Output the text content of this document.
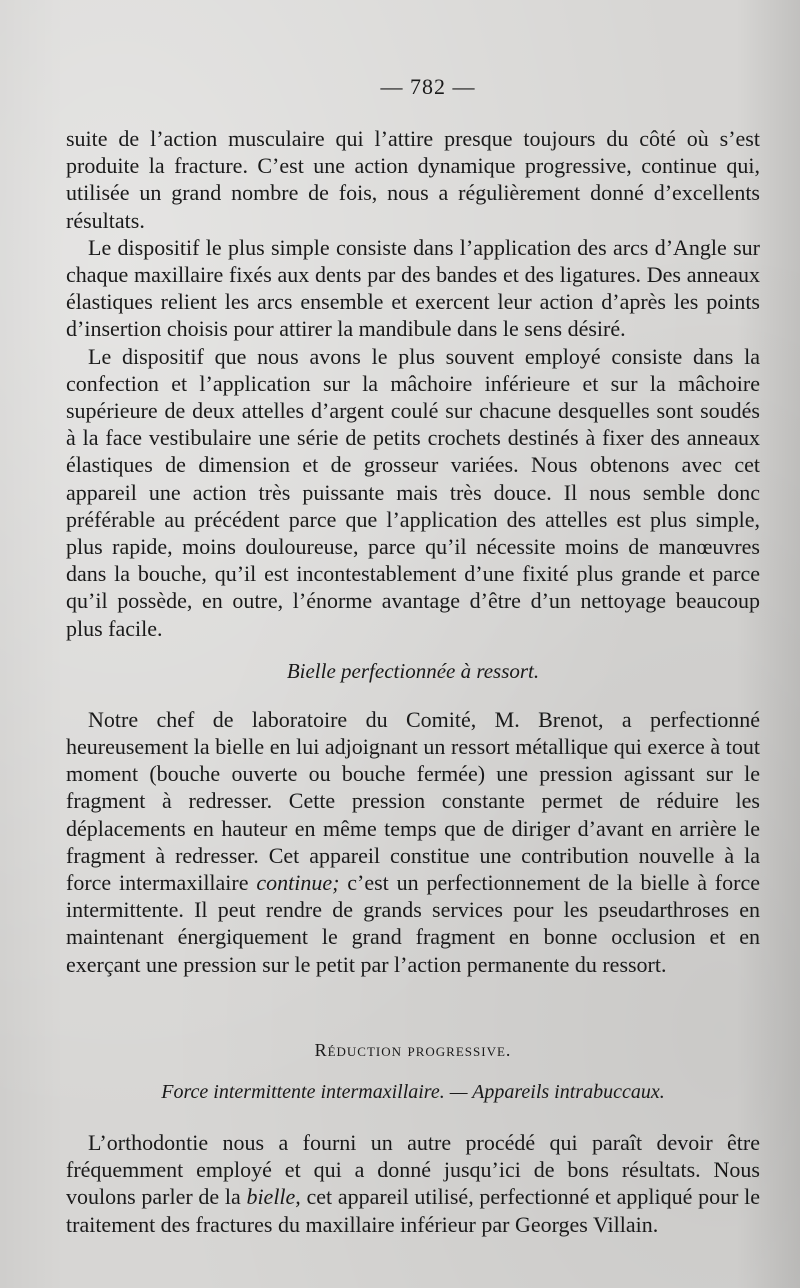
— 782 —

suite de l’action musculaire qui l’attire presque toujours du côté où s’est produite la fracture. C’est une action dynamique progressive, continue qui, utilisée un grand nombre de fois, nous a régulièrement donné d’excellents résultats.

Le dispositif le plus simple consiste dans l’application des arcs d’Angle sur chaque maxillaire fixés aux dents par des bandes et des ligatures. Des anneaux élastiques relient les arcs ensemble et exercent leur action d’après les points d’insertion choisis pour attirer la mandibule dans le sens désiré.

Le dispositif que nous avons le plus souvent employé consiste dans la confection et l’application sur la mâchoire inférieure et sur la mâchoire supérieure de deux attelles d’argent coulé sur chacune desquelles sont soudés à la face vestibulaire une série de petits crochets destinés à fixer des anneaux élastiques de dimension et de grosseur variées. Nous obtenons avec cet appareil une action très puissante mais très douce. Il nous semble donc préférable au précédent parce que l’application des attelles est plus simple, plus rapide, moins douloureuse, parce qu’il nécessite moins de manœuvres dans la bouche, qu’il est incontestablement d’une fixité plus grande et parce qu’il possède, en outre, l’énorme avantage d’être d’un nettoyage beaucoup plus facile.

Bielle perfectionnée à ressort.

Notre chef de laboratoire du Comité, M. Brenot, a perfectionné heureusement la bielle en lui adjoignant un ressort métallique qui exerce à tout moment (bouche ouverte ou bouche fermée) une pression agissant sur le fragment à redresser. Cette pression constante permet de réduire les déplacements en hauteur en même temps que de diriger d’avant en arrière le fragment à redresser. Cet appareil constitue une contribution nouvelle à la force intermaxillaire continue; c’est un perfectionnement de la bielle à force intermittente. Il peut rendre de grands services pour les pseudarthroses en maintenant énergiquement le grand fragment en bonne occlusion et en exerçant une pression sur le petit par l’action permanente du ressort.

Réduction progressive.
Force intermittente intermaxillaire. — Appareils intrabuccaux.

L’orthodontie nous a fourni un autre procédé qui paraît devoir être fréquemment employé et qui a donné jusqu’ici de bons résultats. Nous voulons parler de la bielle, cet appareil utilisé, perfectionné et appliqué pour le traitement des fractures du maxillaire inférieur par Georges Villain.
